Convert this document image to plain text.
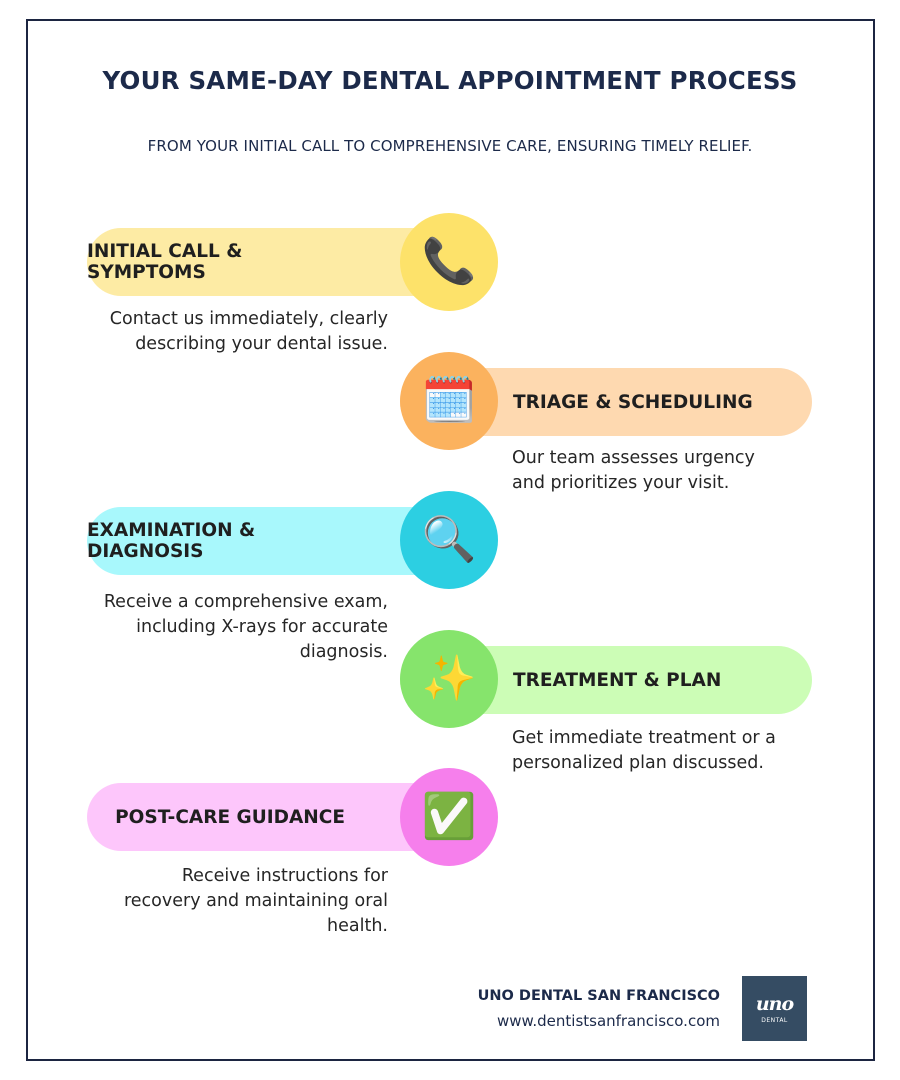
YOUR SAME-DAY DENTAL APPOINTMENT PROCESS
FROM YOUR INITIAL CALL TO COMPREHENSIVE CARE, ENSURING TIMELY RELIEF.
INITIAL CALL & SYMPTOMS	📞
Contact us immediately, clearly describing your dental issue.
TRIAGE & SCHEDULING
🗓️
Our team assesses urgency and prioritizes your visit.
EXAMINATION & DIAGNOSIS	🔍
Receive a comprehensive exam, including X-rays for accurate diagnosis.
TREATMENT & PLAN
✨
Get immediate treatment or a personalized plan discussed.
POST-CARE GUIDANCE ✅
Receive instructions for recovery and maintaining oral health.
UNO DENTAL SAN FRANCISCO
www.dentistsanfrancisco.com
uno
DENTAL
